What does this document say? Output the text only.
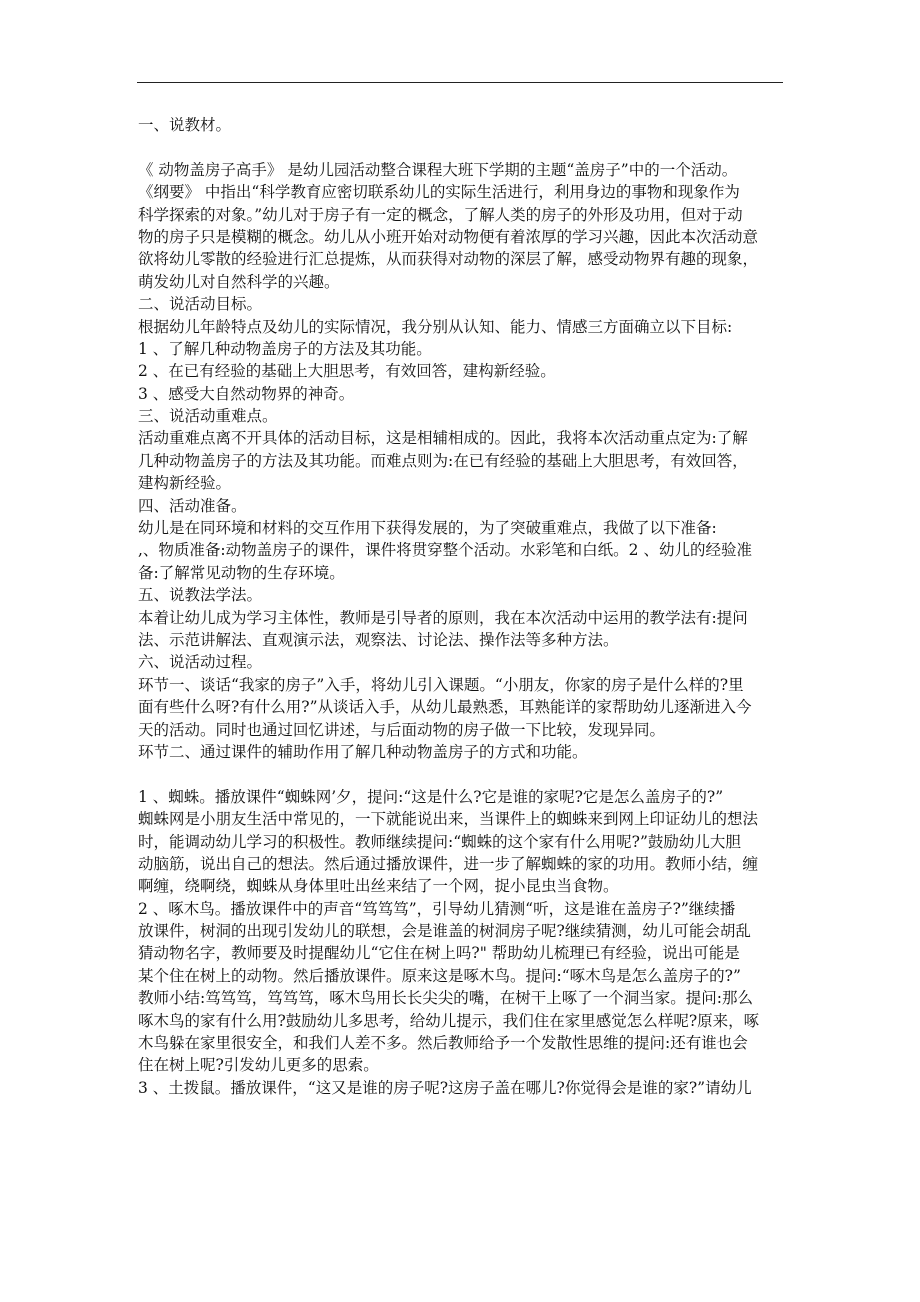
一、说教材。
《 动物盖房子高手》 是幼儿园活动整合课程大班下学期的主题“盖房子”中的一个活动。
《纲要》 中指出“科学教育应密切联系幼儿的实际生活进行，利用身边的事物和现象作为
科学探索的对象。”幼儿对于房子有一定的概念，了解人类的房子的外形及功用，但对于动
物的房子只是模糊的概念。幼儿从小班开始对动物便有着浓厚的学习兴趣，因此本次活动意
欲将幼儿零散的经验进行汇总提炼，从而获得对动物的深层了解，感受动物界有趣的现象，
萌发幼儿对自然科学的兴趣。
二、说活动目标。
根据幼儿年龄特点及幼儿的实际情况，我分别从认知、能力、情感三方面确立以下目标:
1 、了解几种动物盖房子的方法及其功能。
2 、在已有经验的基础上大胆思考，有效回答，建构新经验。
3 、感受大自然动物界的神奇。
三、说活动重难点。
活动重难点离不开具体的活动目标，这是相辅相成的。因此，我将本次活动重点定为:了解
几种动物盖房子的方法及其功能。而难点则为:在已有经验的基础上大胆思考，有效回答，
建构新经验。
四、活动准备。
幼儿是在同环境和材料的交互作用下获得发展的，为了突破重难点，我做了以下准备:
,、物质准备:动物盖房子的课件，课件将贯穿整个活动。水彩笔和白纸。2 、幼儿的经验准
备:了解常见动物的生存环境。
五、说教法学法。
本着让幼儿成为学习主体性，教师是引导者的原则，我在本次活动中运用的教学法有:提问
法、示范讲解法、直观演示法，观察法、讨论法、操作法等多种方法。
六、说活动过程。
环节一、谈话“我家的房子”入手，将幼儿引入课题。“小朋友，你家的房子是什么样的?里
面有些什么呀?有什么用?”从谈话入手，从幼儿最熟悉，耳熟能详的家帮助幼儿逐渐进入今
天的活动。同时也通过回忆讲述，与后面动物的房子做一下比较，发现异同。
环节二、通过课件的辅助作用了解几种动物盖房子的方式和功能。
1 、蜘蛛。播放课件“蜘蛛网’夕，提问:“这是什么?它是谁的家呢?它是怎么盖房子的?”
蜘蛛网是小朋友生活中常见的，一下就能说出来，当课件上的蜘蛛来到网上印证幼儿的想法
时，能调动幼儿学习的积极性。教师继续提问:“蜘蛛的这个家有什么用呢?”鼓励幼儿大胆
动脑筋，说出自己的想法。然后通过播放课件，进一步了解蜘蛛的家的功用。教师小结，缠
啊缠，绕啊绕，蜘蛛从身体里吐出丝来结了一个网，捉小昆虫当食物。
2 、啄木鸟。播放课件中的声音“笃笃笃”，引导幼儿猜测“听，这是谁在盖房子?”继续播
放课件，树洞的出现引发幼儿的联想，会是谁盖的树洞房子呢?继续猜测，幼儿可能会胡乱
猜动物名字，教师要及时提醒幼儿“它住在树上吗?" 帮助幼儿梳理已有经验，说出可能是
某个住在树上的动物。然后播放课件。原来这是啄木鸟。提问:“啄木鸟是怎么盖房子的?”
教师小结:笃笃笃，笃笃笃，啄木鸟用长长尖尖的嘴，在树干上啄了一个洞当家。提问:那么
啄木鸟的家有什么用?鼓励幼儿多思考，给幼儿提示，我们住在家里感觉怎么样呢?原来，啄
木鸟躲在家里很安全，和我们人差不多。然后教师给予一个发散性思维的提问:还有谁也会
住在树上呢?引发幼儿更多的思索。
3 、土拨鼠。播放课件，“这又是谁的房子呢?这房子盖在哪儿?你觉得会是谁的家?”请幼儿
